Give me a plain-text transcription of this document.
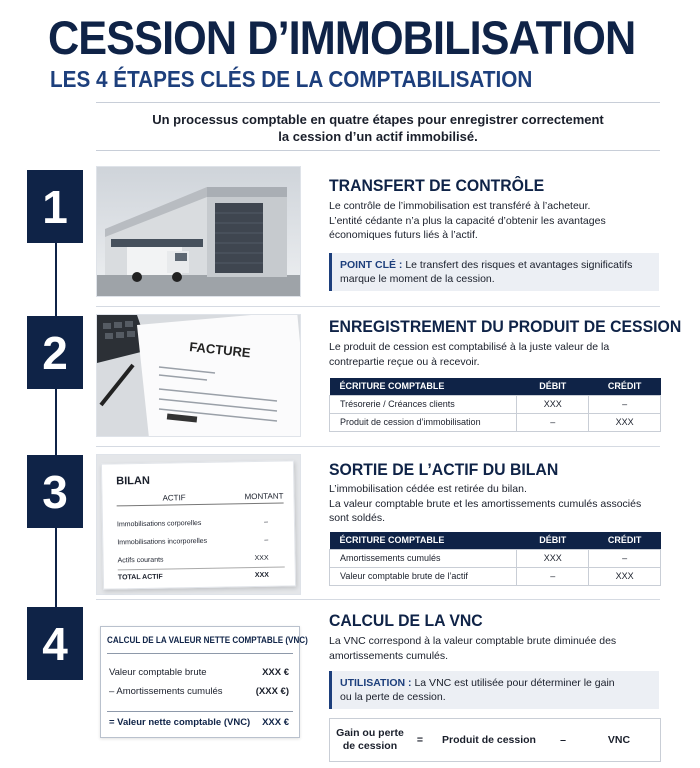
CESSION D’IMMOBILISATION
LES 4 ÉTAPES CLÉS DE LA COMPTABILISATION
Un processus comptable en quatre étapes pour enregistrer correctement
la cession d’un actif immobilisé.
1
2
3
4
TRANSFERT DE CONTRÔLE
Le contrôle de l’immobilisation est transféré à l’acheteur.
L’entité cédante n’a plus la capacité d’obtenir les avantages
économiques futurs liés à l’actif.
POINT CLÉ : Le transfert des risques et avantages significatifs
marque le moment de la cession.
FACTURE
ENREGISTREMENT DU PRODUIT DE CESSION
Le produit de cession est comptabilisé à la juste valeur de la
contrepartie reçue ou à recevoir.
ÉCRITURE COMPTABLE	DÉBIT	CRÉDIT
Trésorerie / Créances clients	XXX	–
Produit de cession d’immobilisation	–	XXX
BILAN
ACTIF	MONTANT
Immobilisations corporelles	–
Immobilisations incorporelles	–
Actifs courants	XXX
TOTAL ACTIF	XXX
SORTIE DE L’ACTIF DU BILAN
L’immobilisation cédée est retirée du bilan.
La valeur comptable brute et les amortissements cumulés associés
sont soldés.
ÉCRITURE COMPTABLE	DÉBIT	CRÉDIT
Amortissements cumulés	XXX	–
Valeur comptable brute de l’actif	–	XXX
CALCUL DE LA VALEUR NETTE COMPTABLE (VNC)
Valeur comptable brute	XXX €
– Amortissements cumulés	(XXX €)
= Valeur nette comptable (VNC) XXX €
CALCUL DE LA VNC
La VNC correspond à la valeur comptable brute diminuée des
amortissements cumulés.
UTILISATION : La VNC est utilisée pour déterminer le gain
ou la perte de cession.
Gain ou perte
de cession	=	Produit de cession	–	VNC
